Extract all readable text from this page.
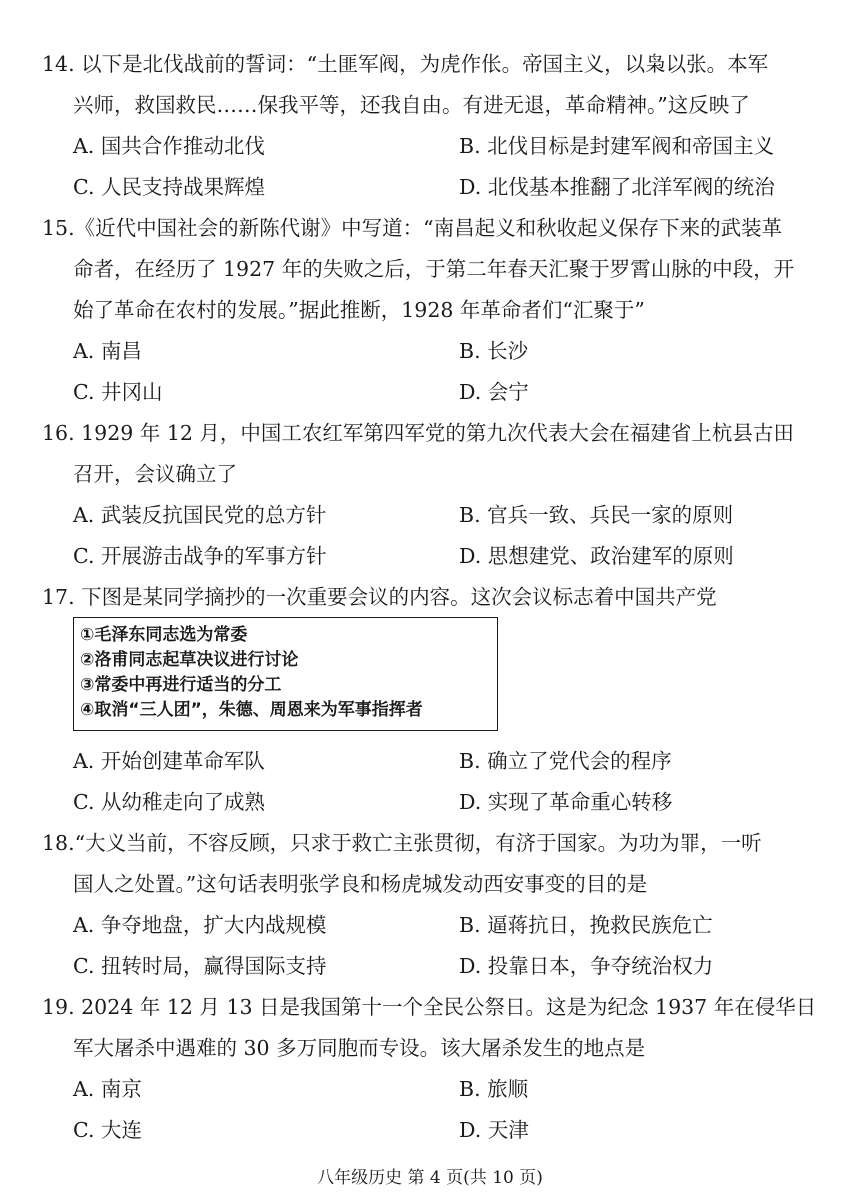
14. 以下是北伐战前的誓词：“土匪军阀，为虎作伥。帝国主义，以枭以张。本军
兴师，救国救民……保我平等，还我自由。有进无退，革命精神。”这反映了
A. 国共合作推动北伐	B. 北伐目标是封建军阀和帝国主义
C. 人民支持战果辉煌	D. 北伐基本推翻了北洋军阀的统治
15.《近代中国社会的新陈代谢》中写道：“南昌起义和秋收起义保存下来的武装革
命者，在经历了 1927 年的失败之后，于第二年春天汇聚于罗霄山脉的中段，开
始了革命在农村的发展。”据此推断，1928 年革命者们“汇聚于”
A. 南昌	B. 长沙
C. 井冈山	D. 会宁
16. 1929 年 12 月，中国工农红军第四军党的第九次代表大会在福建省上杭县古田
召开，会议确立了
A. 武装反抗国民党的总方针	B. 官兵一致、兵民一家的原则
C. 开展游击战争的军事方针	D. 思想建党、政治建军的原则
17. 下图是某同学摘抄的一次重要会议的内容。这次会议标志着中国共产党
①毛泽东同志选为常委
②洛甫同志起草决议进行讨论
③常委中再进行适当的分工
④取消“三人团”，朱德、周恩来为军事指挥者
A. 开始创建革命军队	B. 确立了党代会的程序
C. 从幼稚走向了成熟	D. 实现了革命重心转移
18.“大义当前，不容反顾，只求于救亡主张贯彻，有济于国家。为功为罪，一听
国人之处置。”这句话表明张学良和杨虎城发动西安事变的目的是
A. 争夺地盘，扩大内战规模	B. 逼蒋抗日，挽救民族危亡
C. 扭转时局，赢得国际支持	D. 投靠日本，争夺统治权力
19. 2024 年 12 月 13 日是我国第十一个全民公祭日。这是为纪念 1937 年在侵华日
军大屠杀中遇难的 30 多万同胞而专设。该大屠杀发生的地点是
A. 南京	B. 旅顺
C. 大连	D. 天津
八年级历史 第 4 页(共 10 页)
